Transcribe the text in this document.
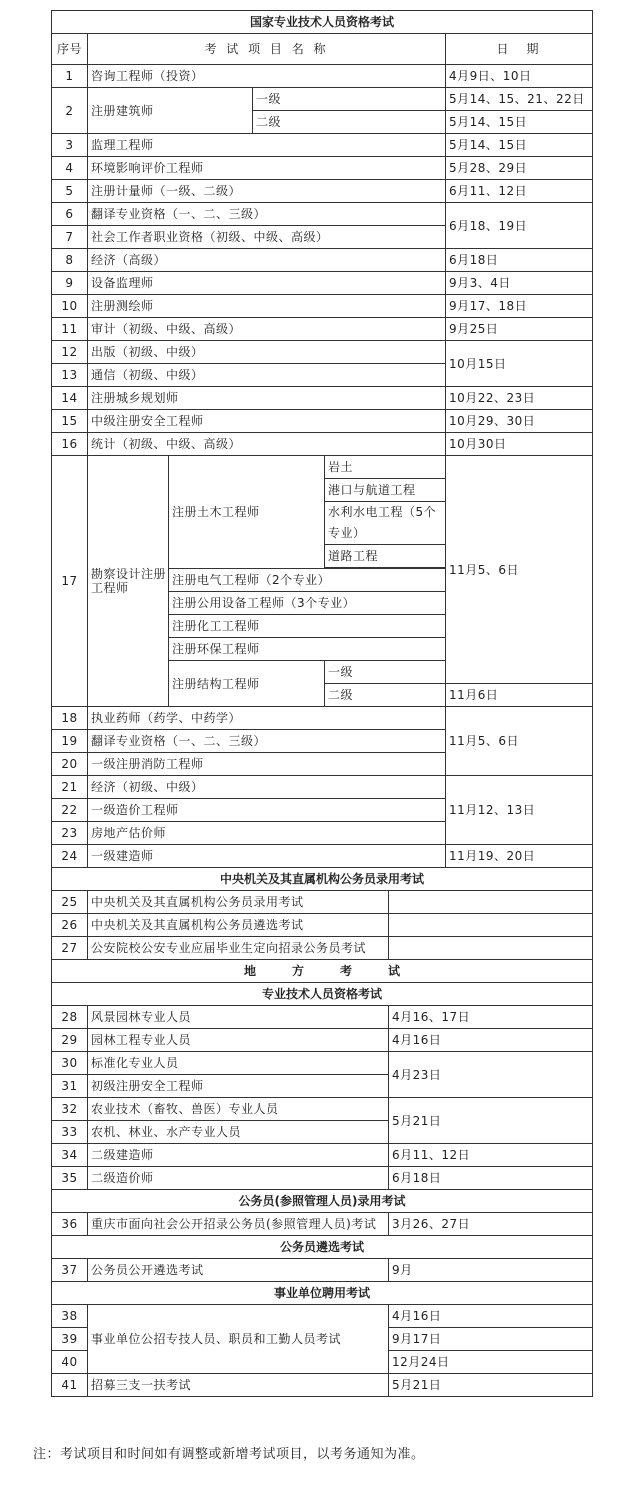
国家专业技术人员资格考试						
序号	考 试 项 目 名 称					日　期
1	咨询工程师（投资）					4月9日、10日
2	注册建筑师		一级			5月14、15、21、22日
			二级			5月14、15日
3	监理工程师					5月14、15日
4	环境影响评价工程师					5月28、29日
5	注册计量师（一级、二级）					6月11、12日
6	翻译专业资格（一、二、三级）					6月18、19日
7	社会工作者职业资格（初级、中级、高级）					
8	经济（高级）					6月18日
9	设备监理师					9月3、4日
10	注册测绘师					9月17、18日
11	审计（初级、中级、高级）					9月25日
12	出版（初级、中级）					10月15日
13	通信（初级、中级）					
14	注册城乡规划师					10月22、23日
15	中级注册安全工程师					10月29、30日
16	统计（初级、中级、高级）					10月30日
17	勘察设计注册工程师	注册土木工程师		岩土		11月5、6日
				港口与航道工程		
				水利水电工程（5个专业）		
				道路工程		

		注册电气工程师（2个专业）				
		注册公用设备工程师（3个专业）				
		注册化工工程师				
		注册环保工程师				
		注册结构工程师		一级		
				二级		11月6日
18	执业药师（药学、中药学）					11月5、6日
19	翻译专业资格（一、二、三级）					
20	一级注册消防工程师					
21	经济（初级、中级）					11月12、13日
22	一级造价工程师					
23	房地产估价师					
24	一级建造师					11月19、20日
中央机关及其直属机构公务员录用考试						
25	中央机关及其直属机构公务员录用考试					
26	中央机关及其直属机构公务员遴选考试					
27	公安院校公安专业应届毕业生定向招录公务员考试					
地　　　方　　　考　　　试						
专业技术人员资格考试						
28	风景园林专业人员				4月16、17日	
29	园林工程专业人员				4月16日	
30	标准化专业人员				4月23日	
31	初级注册安全工程师					
32	农业技术（畜牧、兽医）专业人员				5月21日	
33	农机、林业、水产专业人员					
34	二级建造师				6月11、12日	
35	二级造价师				6月18日	
公务员(参照管理人员)录用考试						
36	重庆市面向社会公开招录公务员(参照管理人员)考试				3月26、27日	
公务员遴选考试						
37	公务员公开遴选考试				9月	
事业单位聘用考试						
38	事业单位公招专技人员、职员和工勤人员考试				4月16日	
39					9月17日	
40					12月24日	
41	招募三支一扶考试				5月21日	
注：考试项目和时间如有调整或新增考试项目，以考务通知为准。
